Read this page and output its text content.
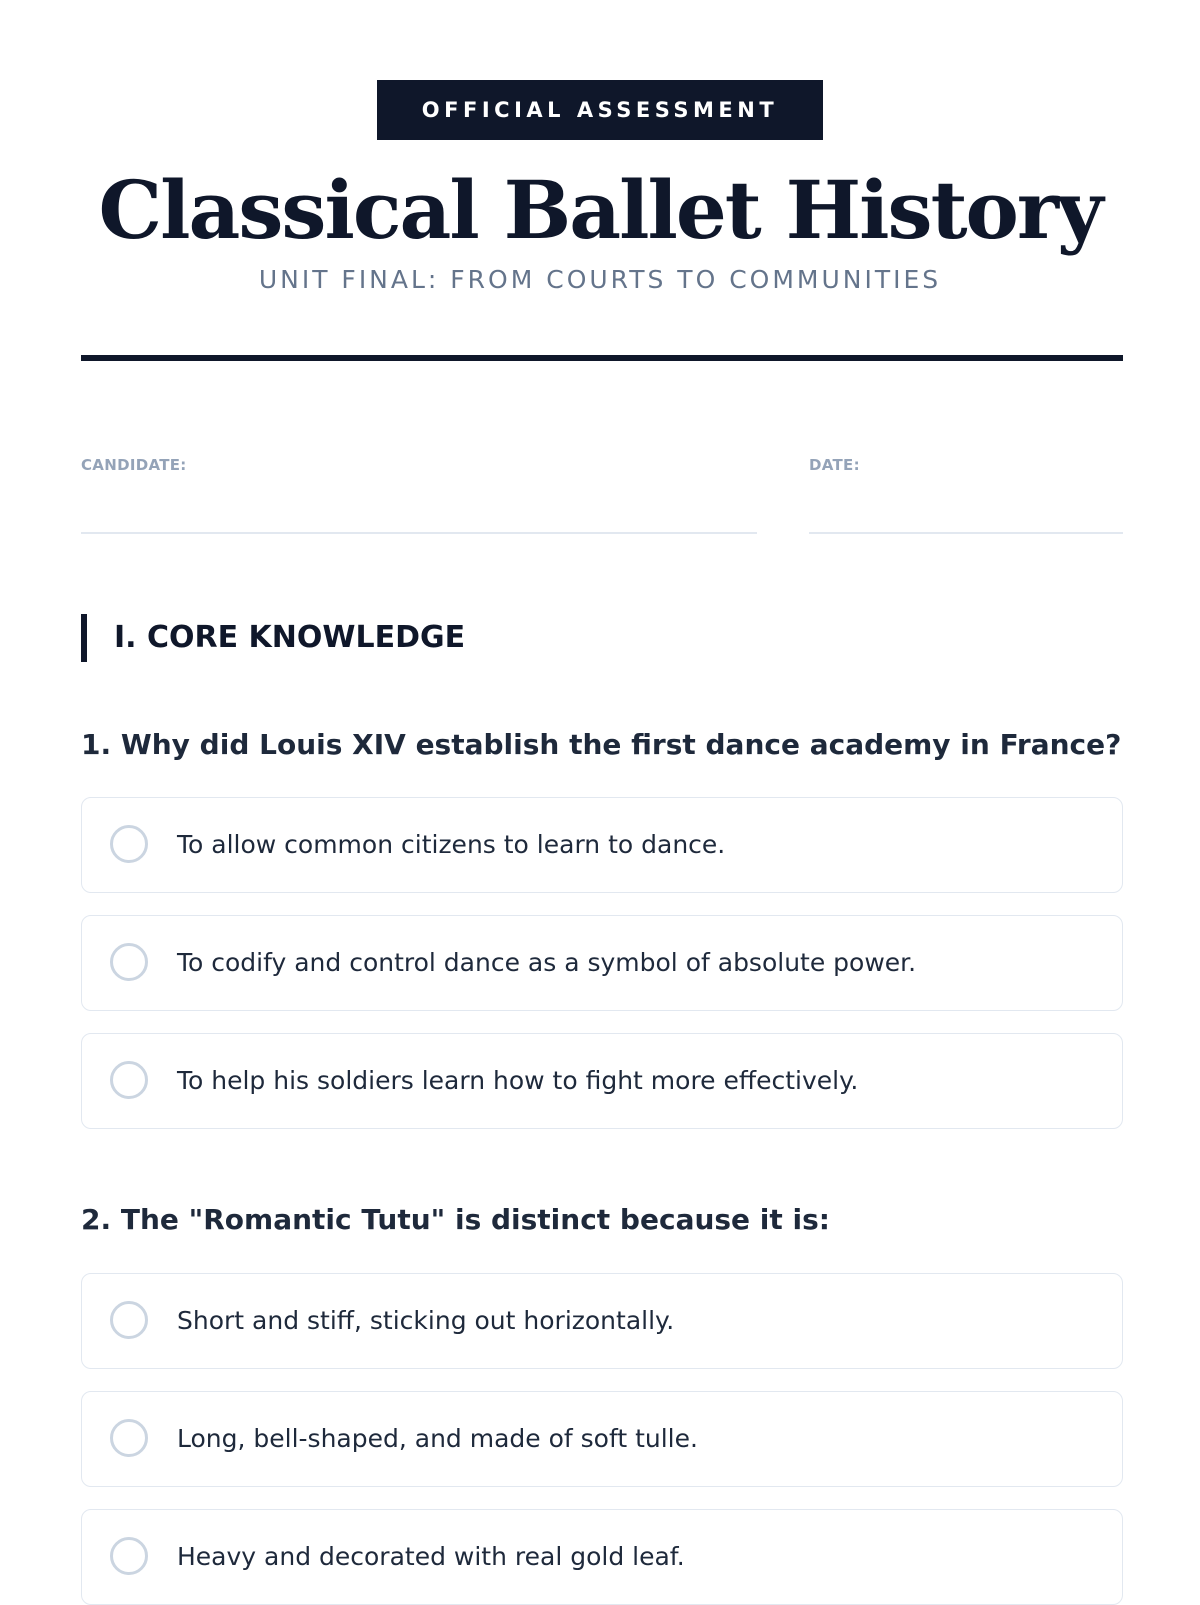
OFFICIAL ASSESSMENT
Classical Ballet History
UNIT FINAL: FROM COURTS TO COMMUNITIES
CANDIDATE:	DATE:
I. CORE KNOWLEDGE
1. Why did Louis XIV establish the first dance academy in France?
To allow common citizens to learn to dance.
To codify and control dance as a symbol of absolute power.
To help his soldiers learn how to fight more effectively.
2. The "Romantic Tutu" is distinct because it is:
Short and stiff, sticking out horizontally.
Long, bell-shaped, and made of soft tulle.
Heavy and decorated with real gold leaf.
